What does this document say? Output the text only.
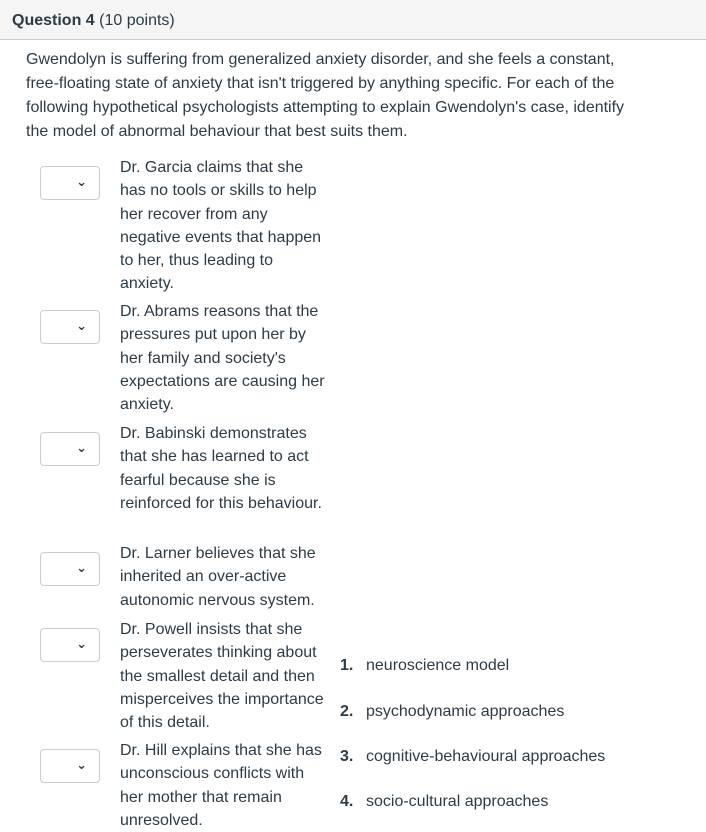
Question 4 (10 points)
Gwendolyn is suffering from generalized anxiety disorder, and she feels a constant, free-floating state of anxiety that isn't triggered by anything specific. For each of the following hypothetical psychologists attempting to explain Gwendolyn's case, identify the model of abnormal behaviour that best suits them.
⌄
Dr. Garcia claims that she has no tools or skills to help her recover from any negative events that happen to her, thus leading to anxiety.
⌄
Dr. Abrams reasons that the pressures put upon her by her family and society's expectations are causing her anxiety.
⌄
Dr. Babinski demonstrates that she has learned to act fearful because she is reinforced for this behaviour.
⌄
Dr. Larner believes that she inherited an over-active autonomic nervous system.
⌄
Dr. Powell insists that she perseverates thinking about the smallest detail and then misperceives the importance of this detail.
⌄
Dr. Hill explains that she has unconscious conflicts with her mother that remain unresolved.
1. neuroscience model
2. psychodynamic approaches
3. cognitive-behavioural approaches
4. socio-cultural approaches
